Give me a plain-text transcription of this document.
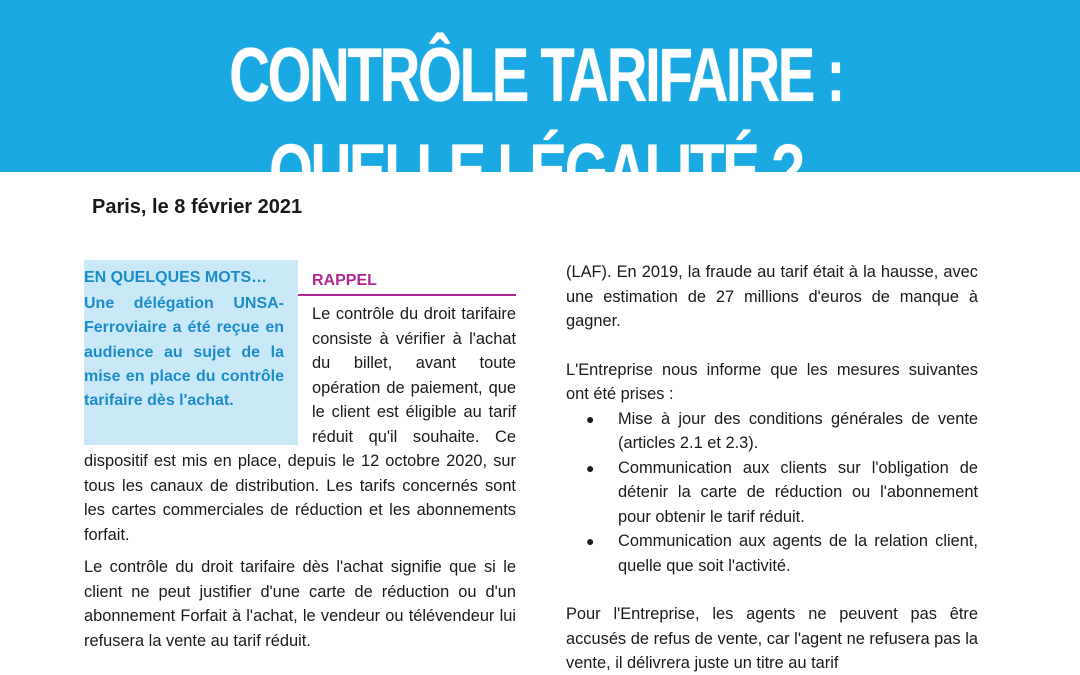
CONTRÔLE TARIFAIRE : QUELLE LÉGALITÉ ?

Paris, le 8 février 2021

EN QUELQUES MOTS…

Une délégation UNSA-Ferroviaire a été reçue en audience au sujet de la mise en place du contrôle tarifaire dès l'achat.

RAPPEL

Le contrôle du droit tarifaire consiste à vérifier à l'achat du billet, avant toute opération de paiement, que le client est éligible au tarif réduit qu'il souhaite. Ce dispositif est mis en place, depuis le 12 octobre 2020, sur tous les canaux de distribution. Les tarifs concernés sont les cartes commerciales de réduction et les abonnements forfait.

Le contrôle du droit tarifaire dès l'achat signifie que si le client ne peut justifier d'une carte de réduction ou d'un abonnement Forfait à l'achat, le vendeur ou télévendeur lui refusera la vente au tarif réduit.

(LAF). En 2019, la fraude au tarif était à la hausse, avec une estimation de 27 millions d'euros de manque à gagner.

L'Entreprise nous informe que les mesures suivantes ont été prises :

● Mise à jour des conditions générales de vente (articles 2.1 et 2.3).
● Communication aux clients sur l'obligation de détenir la carte de réduction ou l'abonnement pour obtenir le tarif réduit.
● Communication aux agents de la relation client, quelle que soit l'activité.

Pour l'Entreprise, les agents ne peuvent pas être accusés de refus de vente, car l'agent ne refusera pas la vente, il délivrera juste un titre au tarif
